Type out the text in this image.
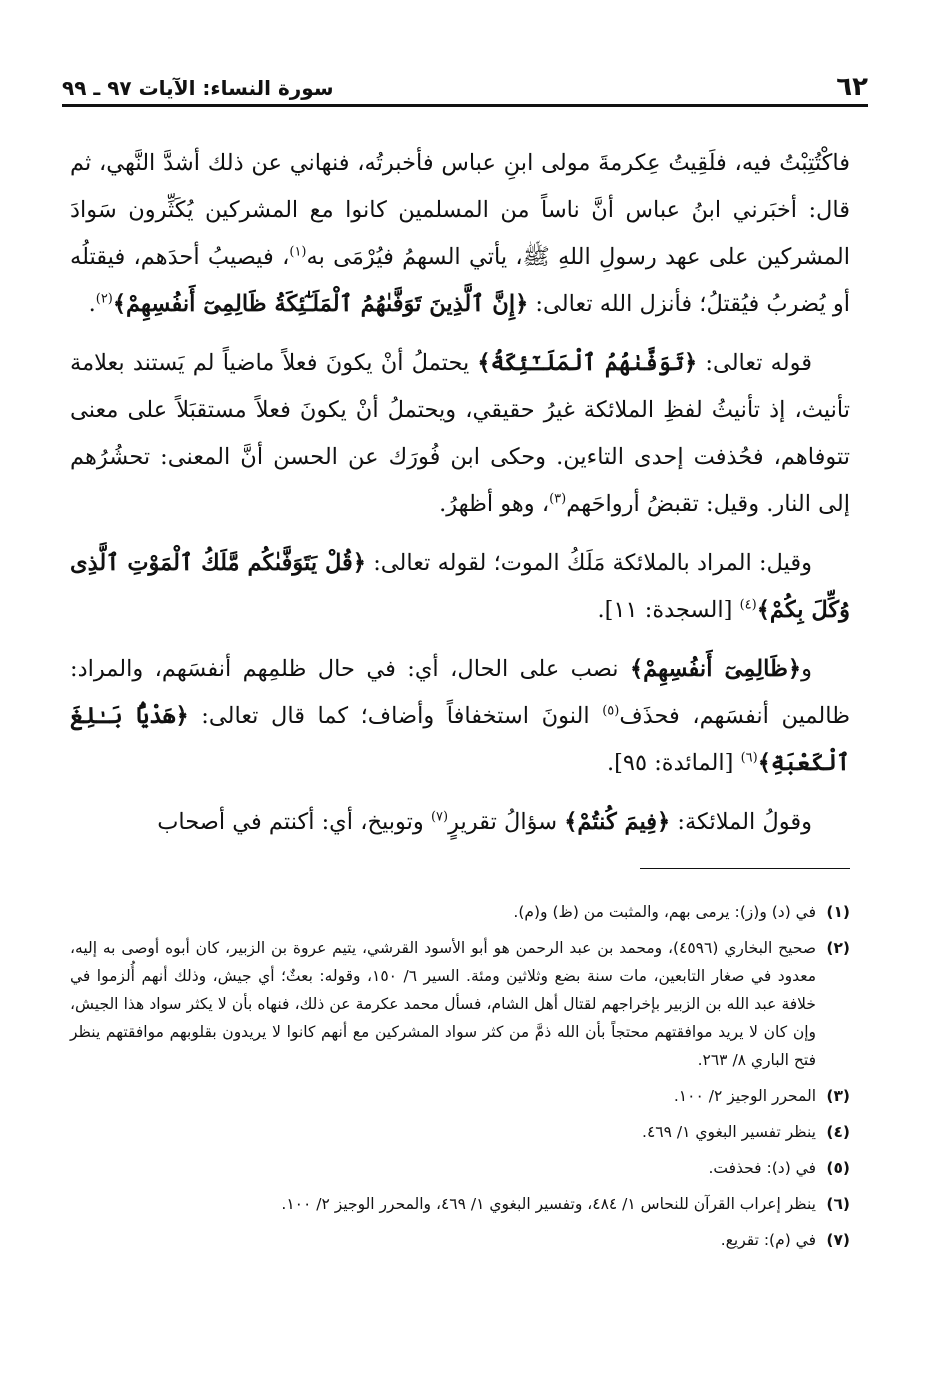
٦٢
سورة النساء: الآيات ٩٧ ـ ٩٩

فاكْتُتِبْتُ فيه، فلَقِيتُ عِكرمةَ مولى ابنِ عباس فأخبرتُه، فنهاني عن ذلك أشدَّ النَّهي، ثم قال: أخبَرني ابنُ عباس أنَّ ناساً من المسلمين كانوا مع المشركين يُكَثِّرون سَوادَ المشركين على عهد رسولِ اللهِ ﷺ، يأتي السهمُ فيُرْمَى به$^{(١)}$، فيصيبُ أحدَهم، فيقتلُه أو يُضربُ فيُقتلُ؛ فأنزل الله تعالى: ﴿إِنَّ ٱلَّذِينَ تَوَفَّىٰهُمُ ٱلْمَلَـٰٓئِكَةُ ظَالِمِىٓ أَنفُسِهِمْ﴾$^{(٢)}$.

قوله تعالى: ﴿تَوَفَّىٰهُمُ ٱلْمَلَـٰٓئِكَةُ﴾ يحتملُ أنْ يكونَ فعلاً ماضياً لم يَستند بعلامة تأنيث، إذ تأنيثُ لفظِ الملائكة غيرُ حقيقي، ويحتملُ أنْ يكونَ فعلاً مستقبَلاً على معنى تتوفاهم، فحُذفت إحدى التاءين. وحكى ابن فُورَك عن الحسن أنَّ المعنى: تحشُرُهم إلى النار. وقيل: تقبضُ أرواحَهم$^{(٣)}$، وهو أظهرُ.

وقيل: المراد بالملائكة مَلَكُ الموت؛ لقوله تعالى: ﴿قُلْ يَتَوَفَّىٰكُم مَّلَكُ ٱلْمَوْتِ ٱلَّذِى وُكِّلَ بِكُمْ﴾$^{(٤)}$ [السجدة: ١١].

و﴿ظَالِمِىٓ أَنفُسِهِمْ﴾ نصب على الحال، أي: في حال ظلمِهم أنفسَهم، والمراد: ظالمين أنفسَهم، فحذَف$^{(٥)}$ النونَ استخفافاً وأضاف؛ كما قال تعالى: ﴿هَدْيًۢا بَـٰلِغَ ٱلْكَعْبَةِ﴾$^{(٦)}$ [المائدة: ٩٥].

وقولُ الملائكة: ﴿فِيمَ كُنتُمْ﴾ سؤالُ تقريرٍ$^{(٧)}$ وتوبيخ، أي: أكنتم في أصحاب

(١)في (د) و(ز): يرمى بهم، والمثبت من (ظ) و(م).

(٢)صحيح البخاري (٤٥٩٦)، ومحمد بن عبد الرحمن هو أبو الأسود القرشي، يتيم عروة بن الزبير، كان أبوه أوصى به إليه، معدود في صغار التابعين، مات سنة بضع وثلاثين ومئة. السير ٦/ ١٥٠، وقوله: بعثٌ؛ أي جيش، وذلك أنهم أُلزموا في خلافة عبد الله بن الزبير بإخراجهم لقتال أهل الشام، فسأل محمد عكرمة عن ذلك، فنهاه بأن لا يكثر سواد هذا الجيش، وإن كان لا يريد موافقتهم محتجاً بأن الله ذمَّ من كثر سواد المشركين مع أنهم كانوا لا يريدون بقلوبهم موافقتهم ينظر فتح الباري ٨/ ٢٦٣.

(٣)المحرر الوجيز ٢/ ١٠٠.

(٤)ينظر تفسير البغوي ١/ ٤٦٩.

(٥)في (د): فحذفت.

(٦)ينظر إعراب القرآن للنحاس ١/ ٤٨٤، وتفسير البغوي ١/ ٤٦٩، والمحرر الوجيز ٢/ ١٠٠.

(٧)في (م): تقريع.
